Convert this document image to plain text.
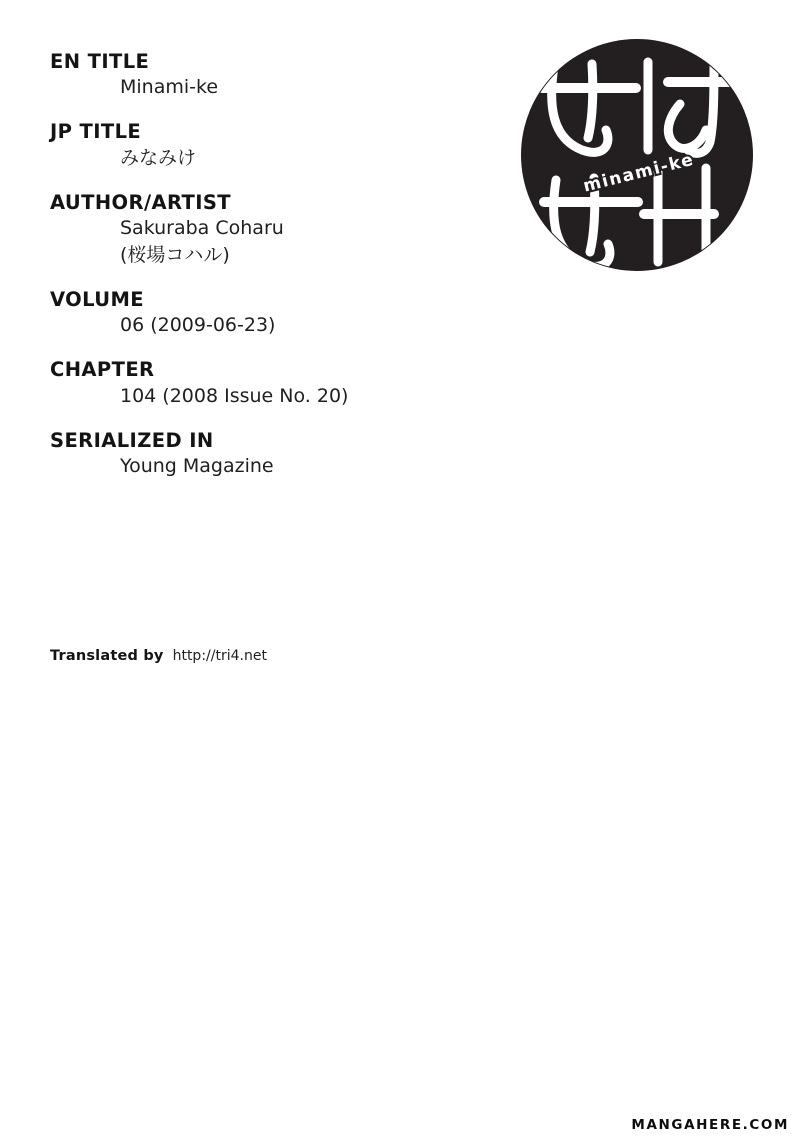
EN TITLE
Minami-ke
JP TITLE
みなみけ
AUTHOR/ARTIST
Sakuraba Coharu
(桜場コハル)
VOLUME
06 (2009-06-23)
CHAPTER
104 (2008 Issue No. 20)
SERIALIZED IN
Young Magazine
Translated by http://tri4.net
minami-ke
MANGAHERE.COM
